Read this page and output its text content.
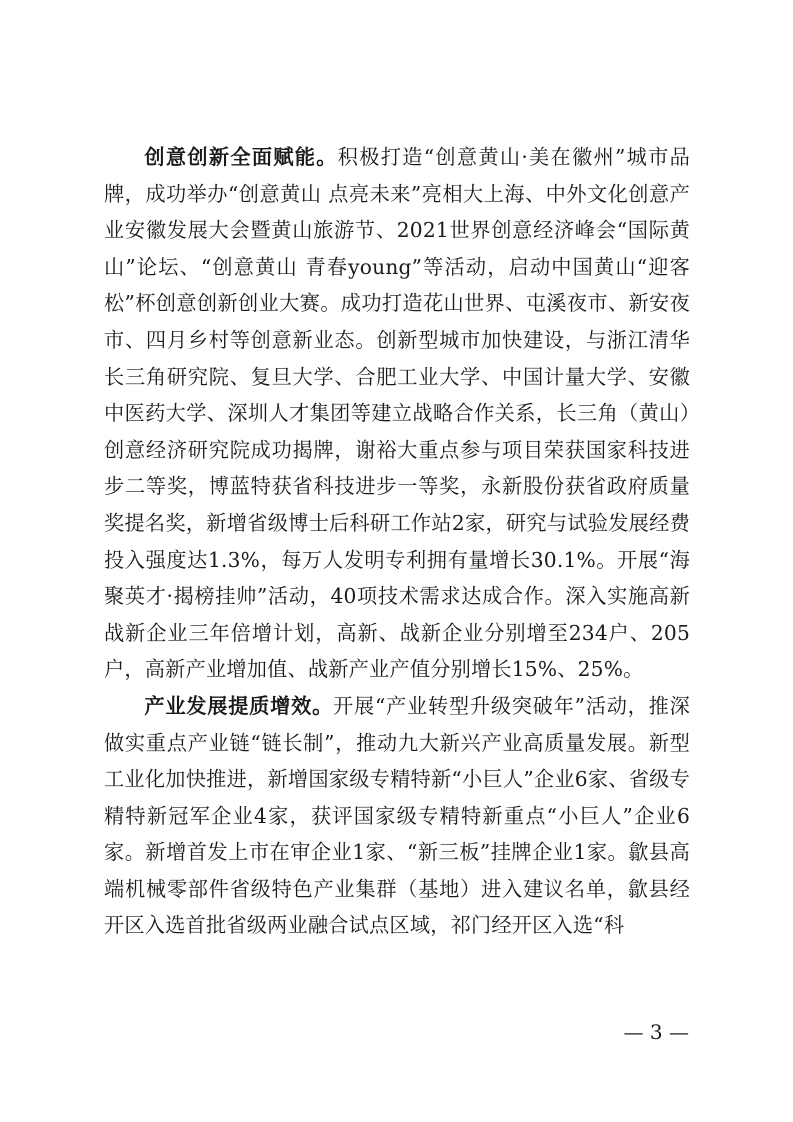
创意创新全面赋能。积极打造“创意黄山·美在徽州”城市品牌，成功举办“创意黄山 点亮未来”亮相大上海、中外文化创意产业安徽发展大会暨黄山旅游节、2021世界创意经济峰会“国际黄山”论坛、“创意黄山 青春young”等活动，启动中国黄山“迎客松”杯创意创新创业大赛。成功打造花山世界、屯溪夜市、新安夜市、四月乡村等创意新业态。创新型城市加快建设，与浙江清华长三角研究院、复旦大学、合肥工业大学、中国计量大学、安徽中医药大学、深圳人才集团等建立战略合作关系，长三角（黄山）创意经济研究院成功揭牌，谢裕大重点参与项目荣获国家科技进步二等奖，博蓝特获省科技进步一等奖，永新股份获省政府质量奖提名奖，新增省级博士后科研工作站2家，研究与试验发展经费投入强度达1.3%，每万人发明专利拥有量增长30.1%。开展“海聚英才·揭榜挂帅”活动，40项技术需求达成合作。深入实施高新战新企业三年倍增计划，高新、战新企业分别增至234户、205户，高新产业增加值、战新产业产值分别增长15%、25%。

产业发展提质增效。开展“产业转型升级突破年”活动，推深做实重点产业链“链长制”，推动九大新兴产业高质量发展。新型工业化加快推进，新增国家级专精特新“小巨人”企业6家、省级专精特新冠军企业4家，获评国家级专精特新重点“小巨人”企业6家。新增首发上市在审企业1家、“新三板”挂牌企业1家。歙县高端机械零部件省级特色产业集群（基地）进入建议名单，歙县经开区入选首批省级两业融合试点区域，祁门经开区入选“科

— 3 —
